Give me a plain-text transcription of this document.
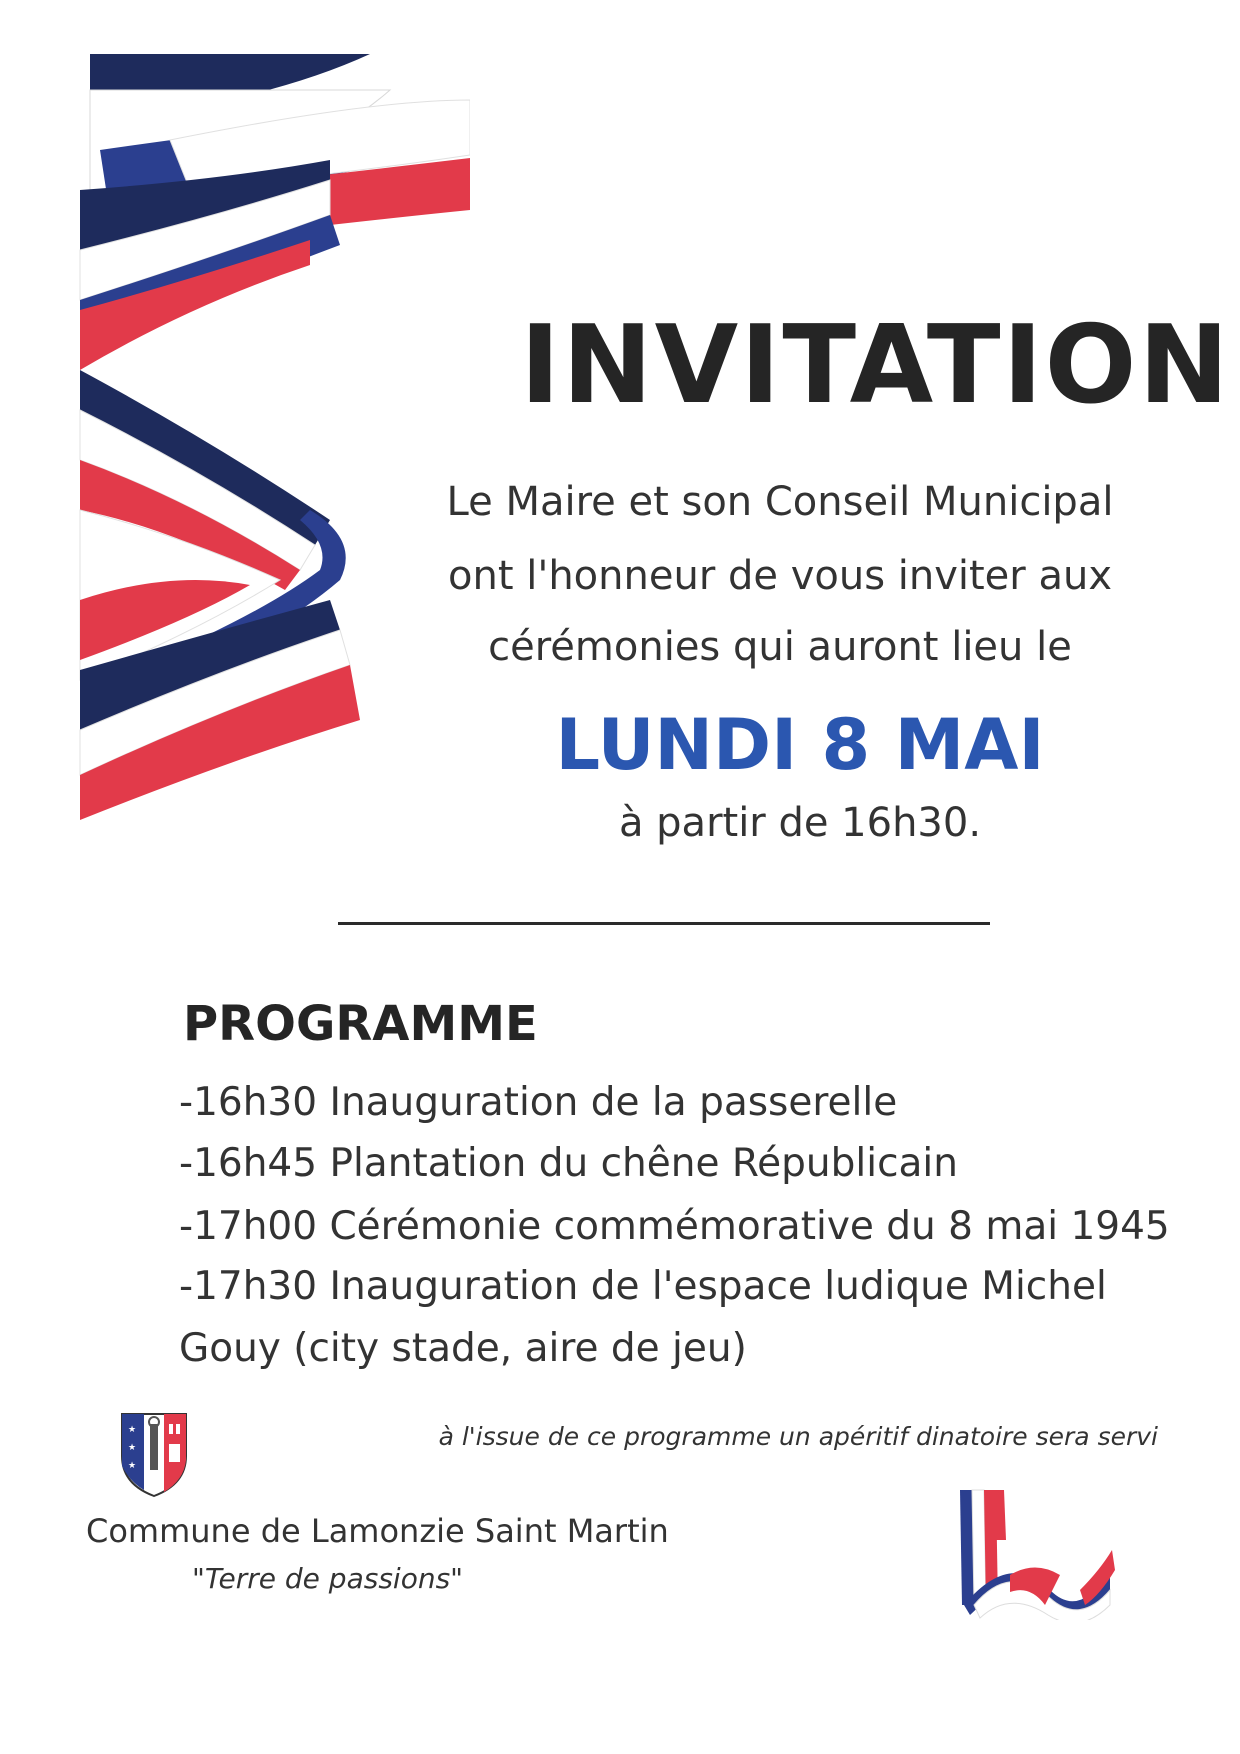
INVITATION
Le Maire et son Conseil Municipal
ont l'honneur de vous inviter aux
cérémonies qui auront lieu le
LUNDI 8 MAI
à partir de 16h30.
PROGRAMME
-16h30 Inauguration de la passerelle
-16h45 Plantation du chêne Républicain
-17h00 Cérémonie commémorative du 8 mai 1945
-17h30 Inauguration de l'espace ludique Michel
Gouy (city stade, aire de jeu)
à l'issue de ce programme un apéritif dinatoire sera servi
★
★
★
Commune de Lamonzie Saint Martin
"Terre de passions"
